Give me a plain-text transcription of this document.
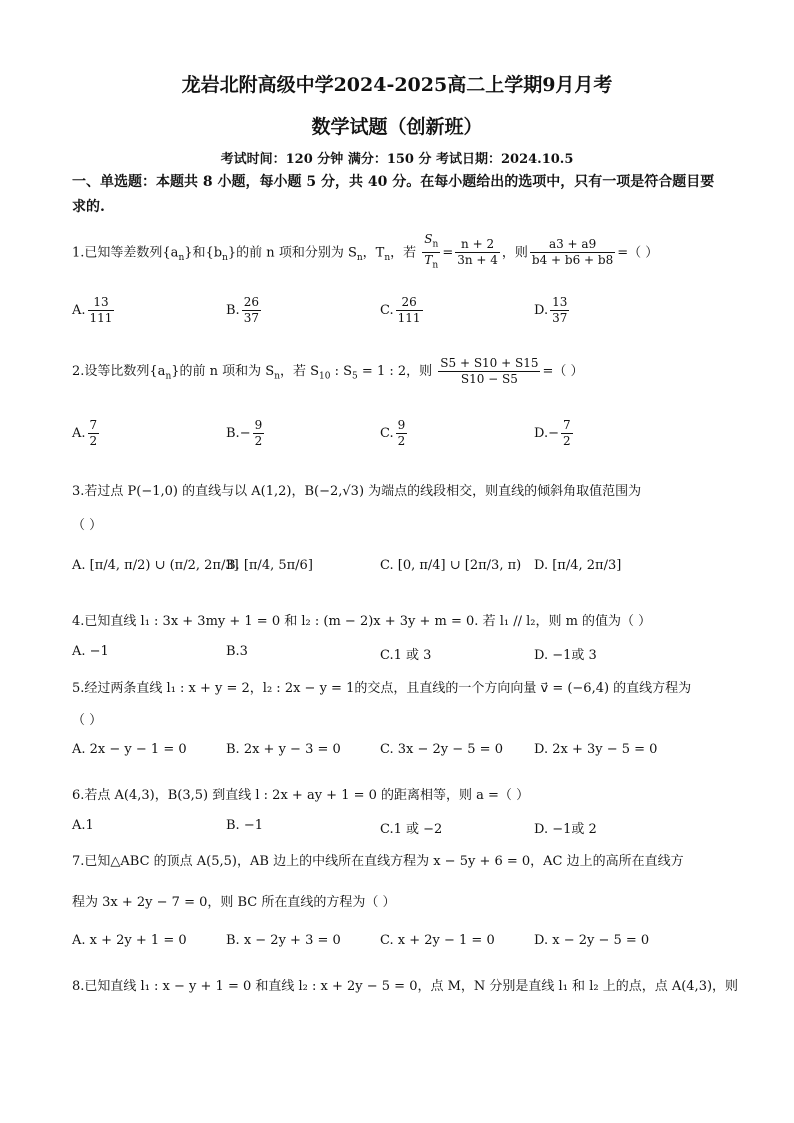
龙岩北附高级中学2024-2025高二上学期9月月考
数学试题（创新班）
考试时间：120 分钟 满分：150 分 考试日期：2024.10.5
一、单选题：本题共 8 小题，每小题 5 分，共 40 分。在每小题给出的选项中，只有一项是符合题目要求的.
1.已知等差数列$\{a_n\}$和$\{b_n\}$的前 n 项和分别为 $S_n$，$T_n$，若 $\frac{S_n}{T_n} = \frac{n + 2}{3n + 4}$ ，则 $\frac{a3 + a9}{b4 + b6 + b8}$ =（ ）
A. $\frac{13}{111}$	B. $\frac{26}{37}$	C. $\frac{26}{111}$	D. $\frac{13}{37}$
2.设等比数列$\{a_n\}$的前 n 项和为 $S_n$，若 $S_{10}$ : $S_5 = 1$ : 2，则 $\frac{S5 + S10 + S15}{S10 - S5}$ =（ ）
A. $\frac{7}{2}$	$B.- \frac{9}{2}$	C. $\frac{9}{2}$	$D.- \frac{7}{2}$
3.若过点 P(−1,0) 的直线与以 A(1,2)，B(−2,√3) 为端点的线段相交，则直线的倾斜角取值范围为
（ ）
A. [π/4, π/2) ∪ (π/2, 2π/3]
B. [π/4, 5π/6]	C. [0, π/4] ∪ [2π/3, π) D. [π/4, 2π/3]
4.已知直线 l₁ : 3x + 3my + 1 = 0 和 l₂ : (m − 2)x + 3y + m = 0. 若 l₁ // l₂，则 m 的值为（ ）
A. −1	B.3	C.1 或 3	D. −1或 3
5.经过两条直线 l₁ : x + y = 2，l₂ : 2x − y = 1的交点，且直线的一个方向向量 v⃗ = (−6,4) 的直线方程为
（ ）
A. 2x − y − 1 = 0	B. 2x + y − 3 = 0	C. 3x − 2y − 5 = 0 D. 2x + 3y − 5 = 0
6.若点 A(4,3)，B(3,5) 到直线 l : 2x + ay + 1 = 0 的距离相等，则 a =（ ）
A.1	B. −1	C.1 或 −2	D. −1或 2
7.已知△ABC 的顶点 A(5,5)，AB 边上的中线所在直线方程为 x − 5y + 6 = 0，AC 边上的高所在直线方
程为 3x + 2y − 7 = 0，则 BC 所在直线的方程为（ ）
A. x + 2y + 1 = 0	B. x − 2y + 3 = 0	C. x + 2y − 1 = 0	D. x − 2y − 5 = 0
8.已知直线 l₁ : x − y + 1 = 0 和直线 l₂ : x + 2y − 5 = 0，点 M，N 分别是直线 l₁ 和 l₂ 上的点，点 A(4,3)，则
